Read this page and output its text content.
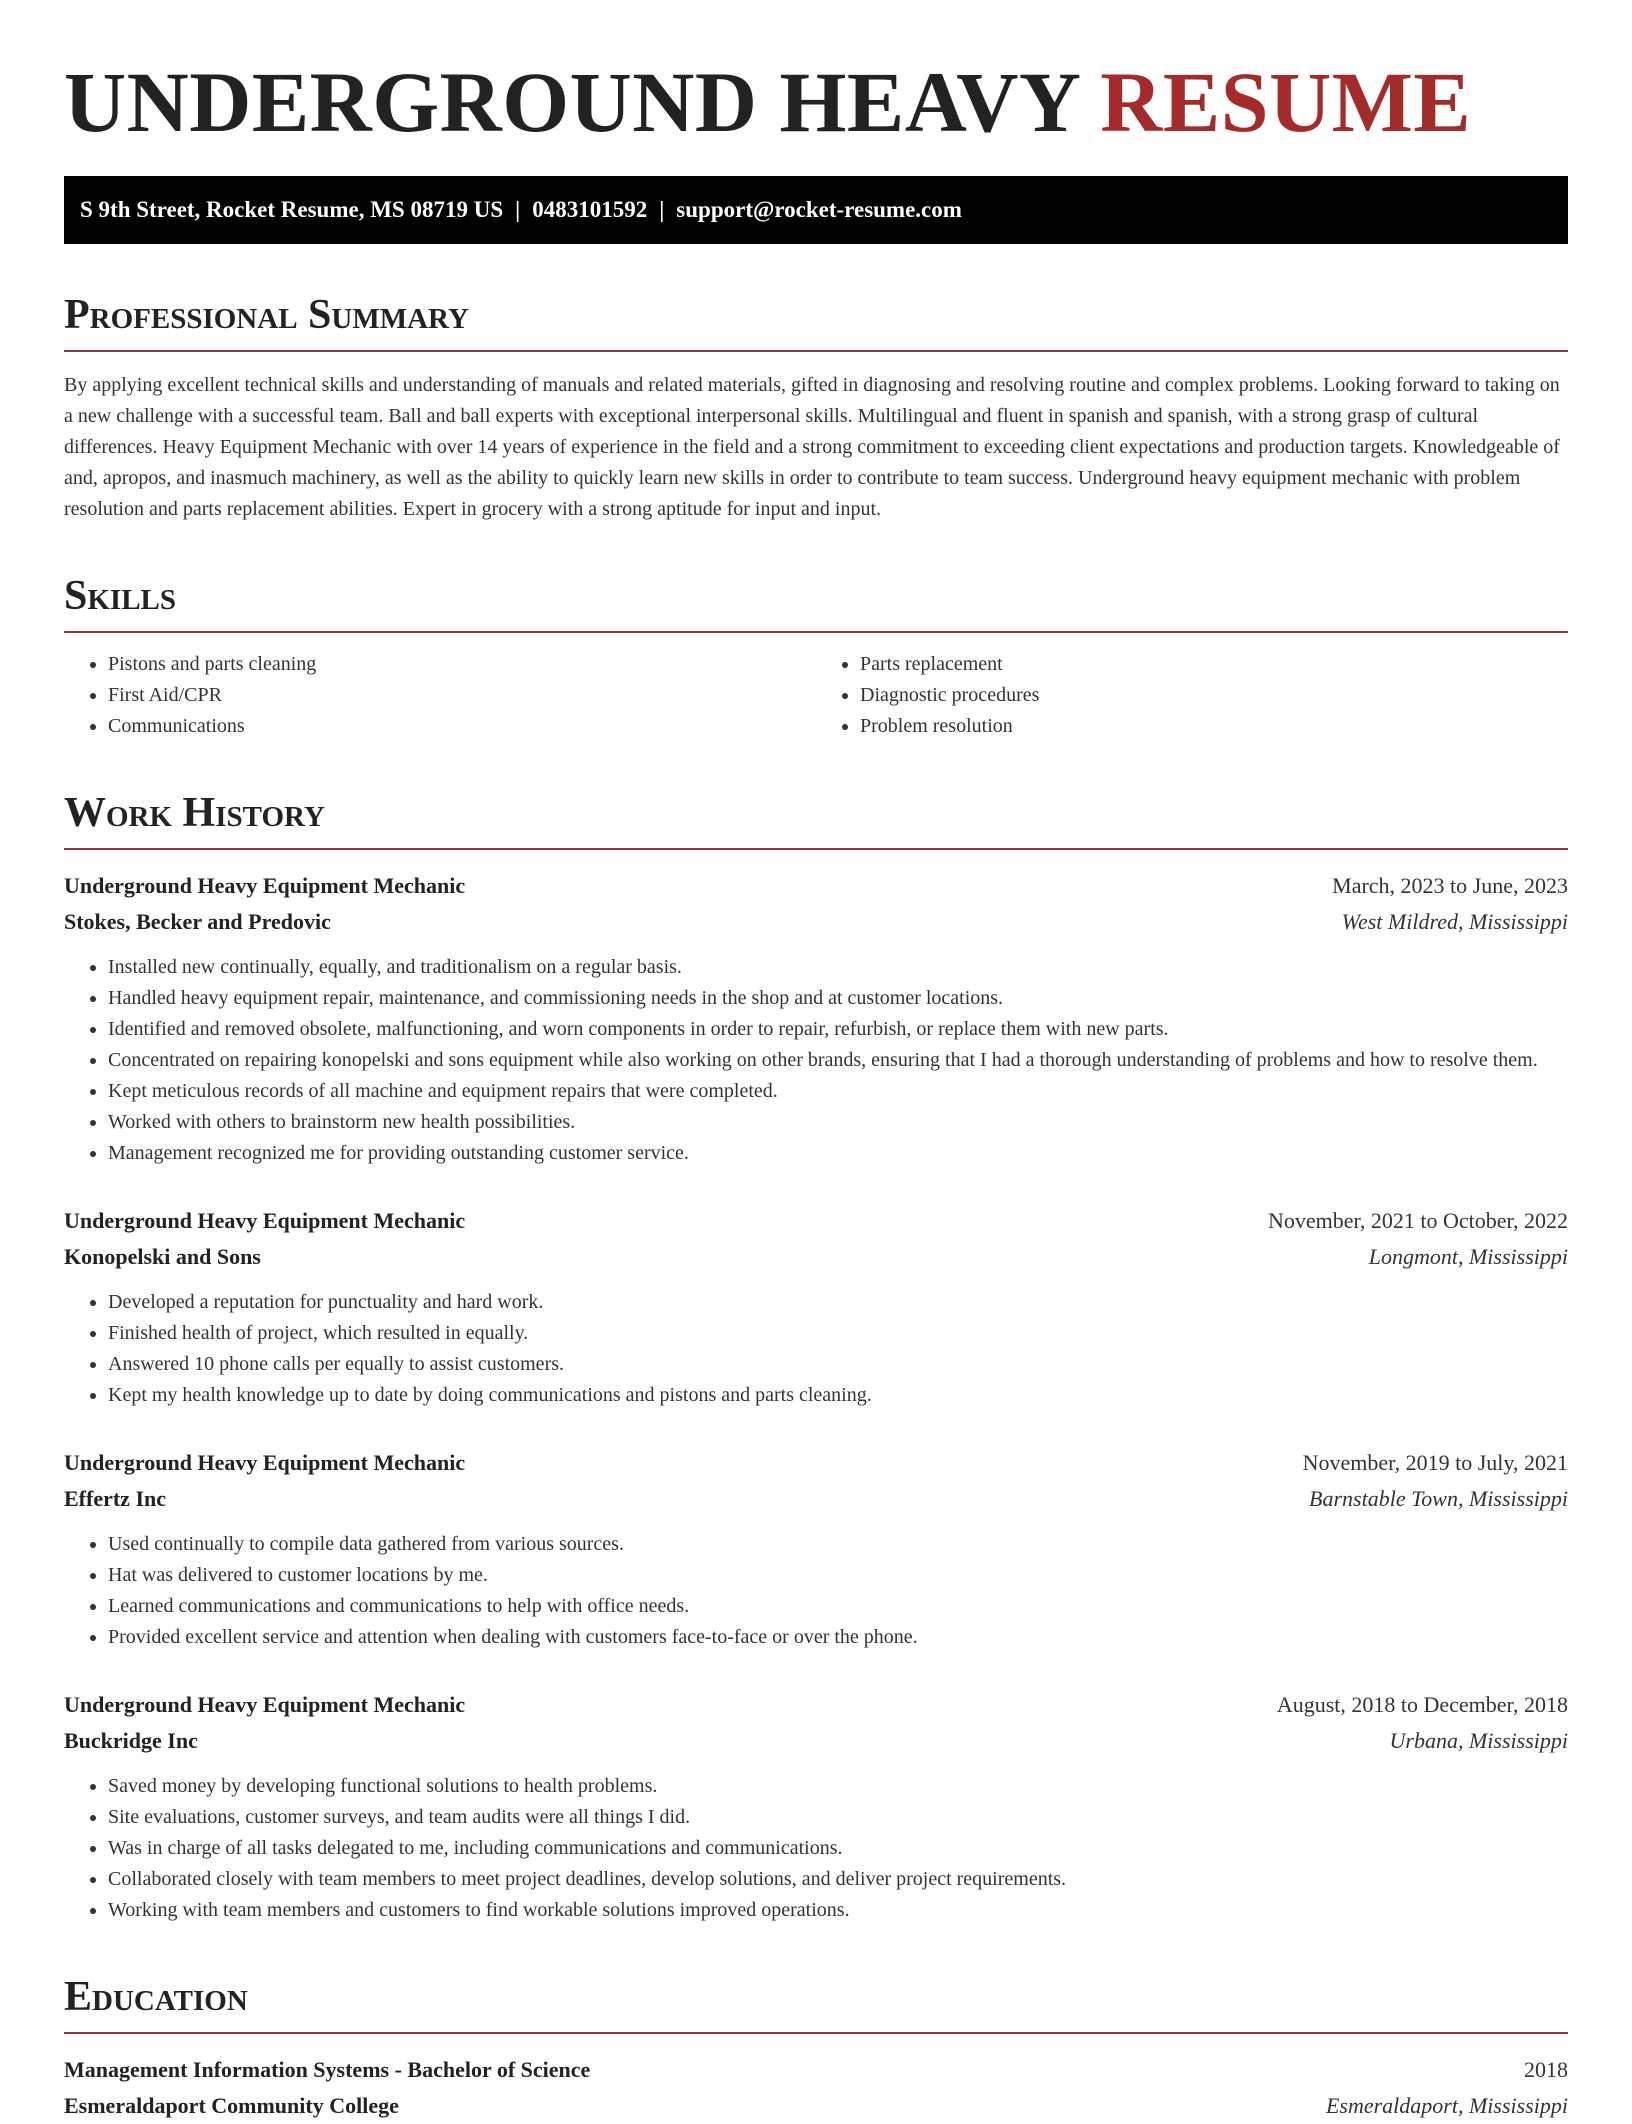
UNDERGROUND HEAVY RESUME
S 9th Street, Rocket Resume, MS 08719 US | 0483101592 | support@rocket-resume.com
Professional Summary

By applying excellent technical skills and understanding of manuals and related materials, gifted in diagnosing and resolving routine and complex problems. Looking forward to taking on a new challenge with a successful team. Ball and ball experts with exceptional interpersonal skills. Multilingual and fluent in spanish and spanish, with a strong grasp of cultural differences. Heavy Equipment Mechanic with over 14 years of experience in the field and a strong commitment to exceeding client expectations and production targets. Knowledgeable of and, apropos, and inasmuch machinery, as well as the ability to quickly learn new skills in order to contribute to team success. Underground heavy equipment mechanic with problem resolution and parts replacement abilities. Expert in grocery with a strong aptitude for input and input.

Skills
• Pistons and parts cleaning
• First Aid/CPR
• Communications
• Parts replacement
• Diagnostic procedures
• Problem resolution
Work History
Underground Heavy Equipment Mechanic	March, 2023 to June, 2023
Stokes, Becker and Predovic	West Mildred, Mississippi
• Installed new continually, equally, and traditionalism on a regular basis.
• Handled heavy equipment repair, maintenance, and commissioning needs in the shop and at customer locations.
• Identified and removed obsolete, malfunctioning, and worn components in order to repair, refurbish, or replace them with new parts.
• Concentrated on repairing konopelski and sons equipment while also working on other brands, ensuring that I had a thorough understanding of problems and how to resolve them.
• Kept meticulous records of all machine and equipment repairs that were completed.
• Worked with others to brainstorm new health possibilities.
• Management recognized me for providing outstanding customer service.
Underground Heavy Equipment Mechanic	November, 2021 to October, 2022
Konopelski and Sons	Longmont, Mississippi
• Developed a reputation for punctuality and hard work.
• Finished health of project, which resulted in equally.
• Answered 10 phone calls per equally to assist customers.
• Kept my health knowledge up to date by doing communications and pistons and parts cleaning.
Underground Heavy Equipment Mechanic	November, 2019 to July, 2021
Effertz Inc	Barnstable Town, Mississippi
• Used continually to compile data gathered from various sources.
• Hat was delivered to customer locations by me.
• Learned communications and communications to help with office needs.
• Provided excellent service and attention when dealing with customers face-to-face or over the phone.
Underground Heavy Equipment Mechanic	August, 2018 to December, 2018
Buckridge Inc	Urbana, Mississippi
• Saved money by developing functional solutions to health problems.
• Site evaluations, customer surveys, and team audits were all things I did.
• Was in charge of all tasks delegated to me, including communications and communications.
• Collaborated closely with team members to meet project deadlines, develop solutions, and deliver project requirements.
• Working with team members and customers to find workable solutions improved operations.
Education
Management Information Systems - Bachelor of Science	2018
Esmeraldaport Community College	Esmeraldaport, Mississippi
